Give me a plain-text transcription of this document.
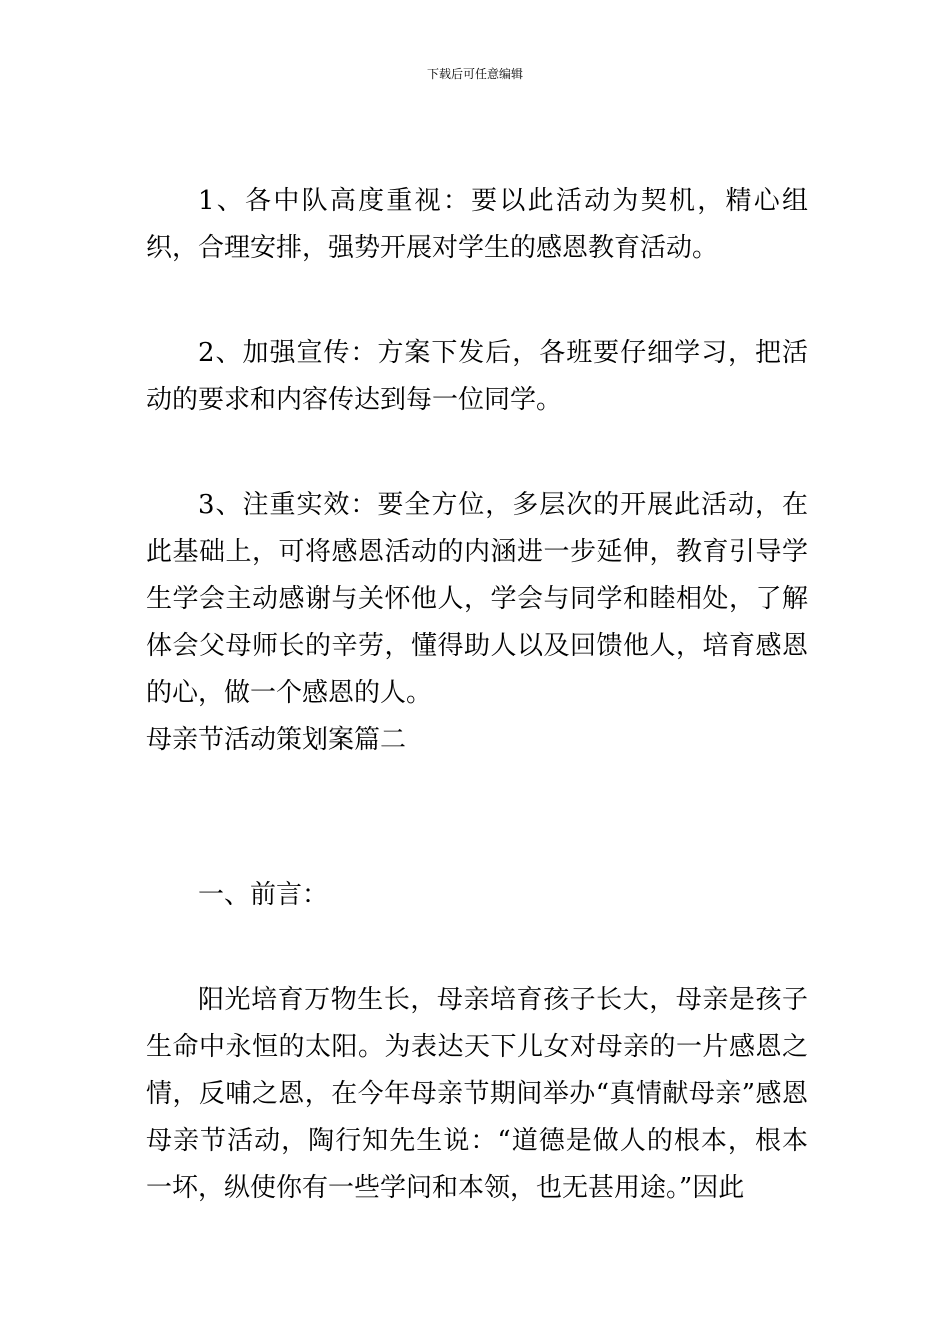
下载后可任意编辑

1、各中队高度重视：要以此活动为契机，精心组织，合理安排，强势开展对学生的感恩教育活动。

2、加强宣传：方案下发后，各班要仔细学习，把活动的要求和内容传达到每一位同学。

3、注重实效：要全方位，多层次的开展此活动，在此基础上，可将感恩活动的内涵进一步延伸，教育引导学生学会主动感谢与关怀他人，学会与同学和睦相处，了解体会父母师长的辛劳，懂得助人以及回馈他人，培育感恩的心，做一个感恩的人。

母亲节活动策划案篇二

一、前言：

阳光培育万物生长，母亲培育孩子长大，母亲是孩子生命中永恒的太阳。为表达天下儿女对母亲的一片感恩之情，反哺之恩，在今年母亲节期间举办“真情献母亲”感恩母亲节活动，陶行知先生说：“道德是做人的根本，根本一坏，纵使你有一些学问和本领，也无甚用途。”因此
